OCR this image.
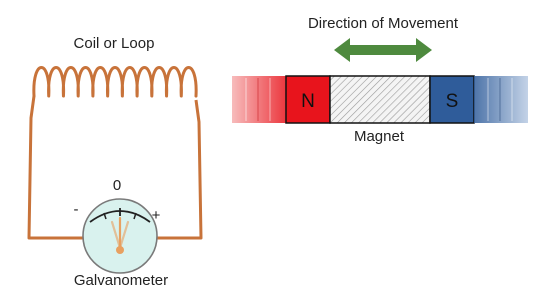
Coil or Loop
0
-	+
Galvanometer
Direction of Movement
N	S
Magnet
